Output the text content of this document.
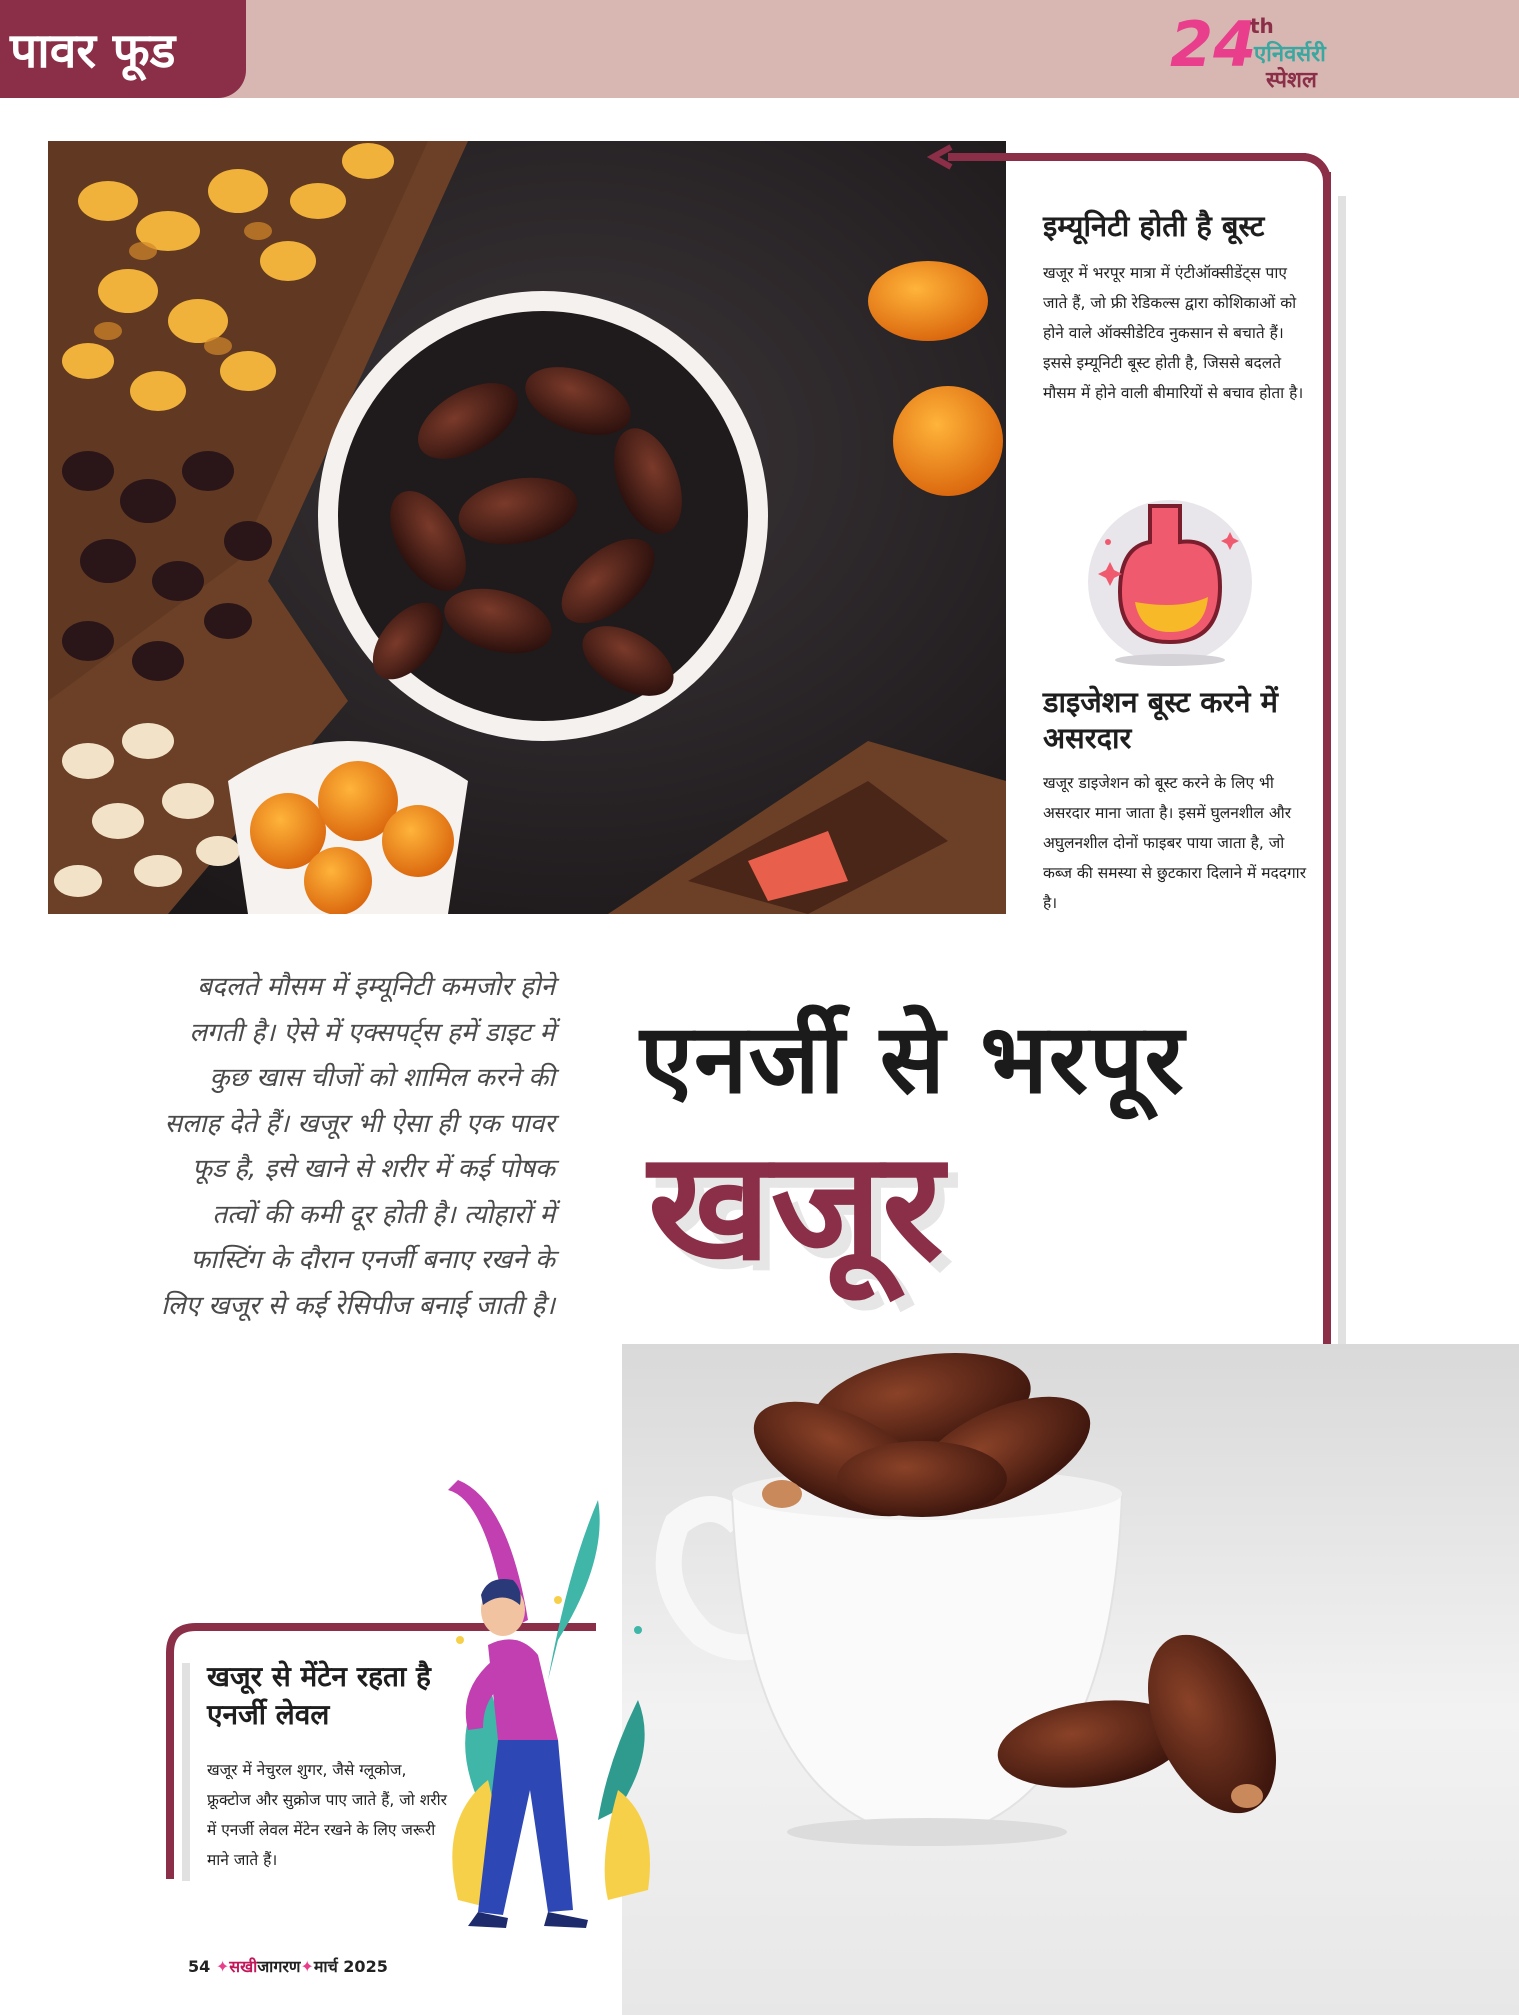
पावर फूड	24
th
एनिवर्सरी
स्पेशल
इम्यूनिटी होती है बूस्ट
खजूर में भरपूर मात्रा में एंटीऑक्सीडेंट्स पाए जाते हैं, जो फ्री रेडिकल्स द्वारा कोशिकाओं को होने वाले ऑक्सीडेटिव नुकसान से बचाते हैं। इससे इम्यूनिटी बूस्ट होती है, जिससे बदलते मौसम में होने वाली बीमारियों से बचाव होता है।
डाइजेशन बूस्ट करने में असरदार
खजूर डाइजेशन को बूस्ट करने के लिए भी असरदार माना जाता है। इसमें घुलनशील और अघुलनशील दोनों फाइबर पाया जाता है, जो कब्ज की समस्या से छुटकारा दिलाने में मददगार है।
बदलते मौसम में इम्यूनिटी कमजोर होने लगती है। ऐसे में एक्सपर्ट्स हमें डाइट में कुछ खास चीजों को शामिल करने की सलाह देते हैं। खजूर भी ऐसा ही एक पावर फूड है, इसे खाने से शरीर में कई पोषक तत्वों की कमी दूर होती है। त्योहारों में फास्टिंग के दौरान एनर्जी बनाए रखने के लिए खजूर से कई रेसिपीज बनाई जाती है।
एनर्जी से भरपूर
खजूर
खजूर से मेंटेन रहता है एनर्जी लेवल
खजूर में नेचुरल शुगर, जैसे ग्लूकोज, फ्रूक्टोज और सुक्रोज पाए जाते हैं, जो शरीर में एनर्जी लेवल मेंटेन रखने के लिए जरूरी माने जाते हैं।
54 ✦सखीजागरण✦मार्च 2025
